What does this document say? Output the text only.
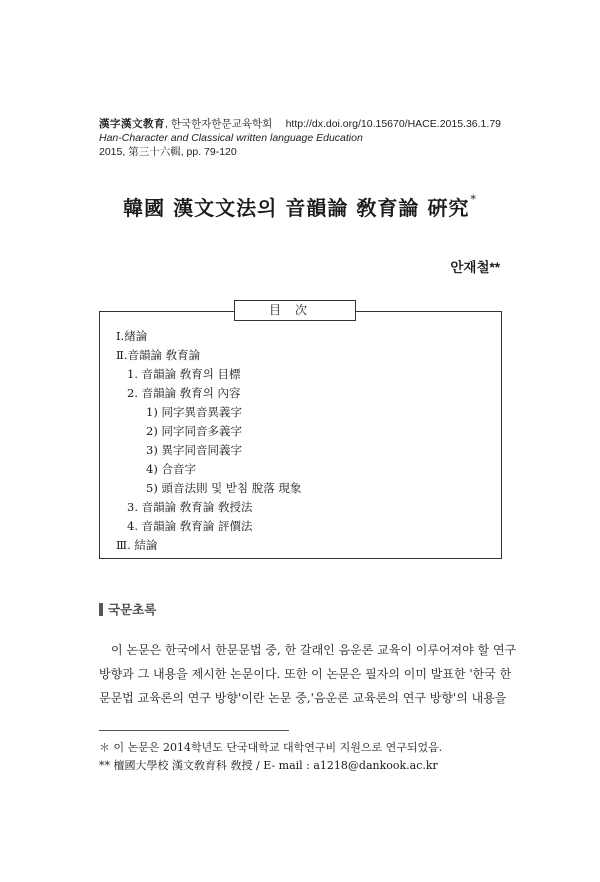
漢字漢文教育, 한국한자한문교육학회
Han-Character and Classical written language Education
2015, 第三十六輯, pp. 79-120
http://dx.doi.org/10.15670/HACE.2015.36.1.79
韓國 漢文文法의 音韻論 敎育論 硏究*
안재철**
目次
Ⅰ.緖論
Ⅱ.音韻論 敎育論
1. 音韻論 敎育의 目標
2. 音韻論 敎育의 內容
1) 同字異音異義字
2) 同字同音多義字
3) 異字同音同義字
4) 合音字
5) 頭音法則 및 받침 脫落 現象
3. 音韻論 敎育論 敎授法
4. 音韻論 敎育論 評價法
Ⅲ. 結論
국문초록
이 논문은 한국에서 한문문법 중, 한 갈래인 음운론 교육이 이루어져야 할 연구
방향과 그 내용을 제시한 논문이다. 또한 이 논문은 필자의 이미 발표한 '한국 한
문문법 교육론의 연구 방향'이란 논문 중,'음운론 교육론의 연구 방향'의 내용을
＊ 이 논문은 2014학년도 단국대학교 대학연구비 지원으로 연구되었음.
** 檀國大學校 漢文敎育科 敎授 / E- mail : a1218@dankook.ac.kr
